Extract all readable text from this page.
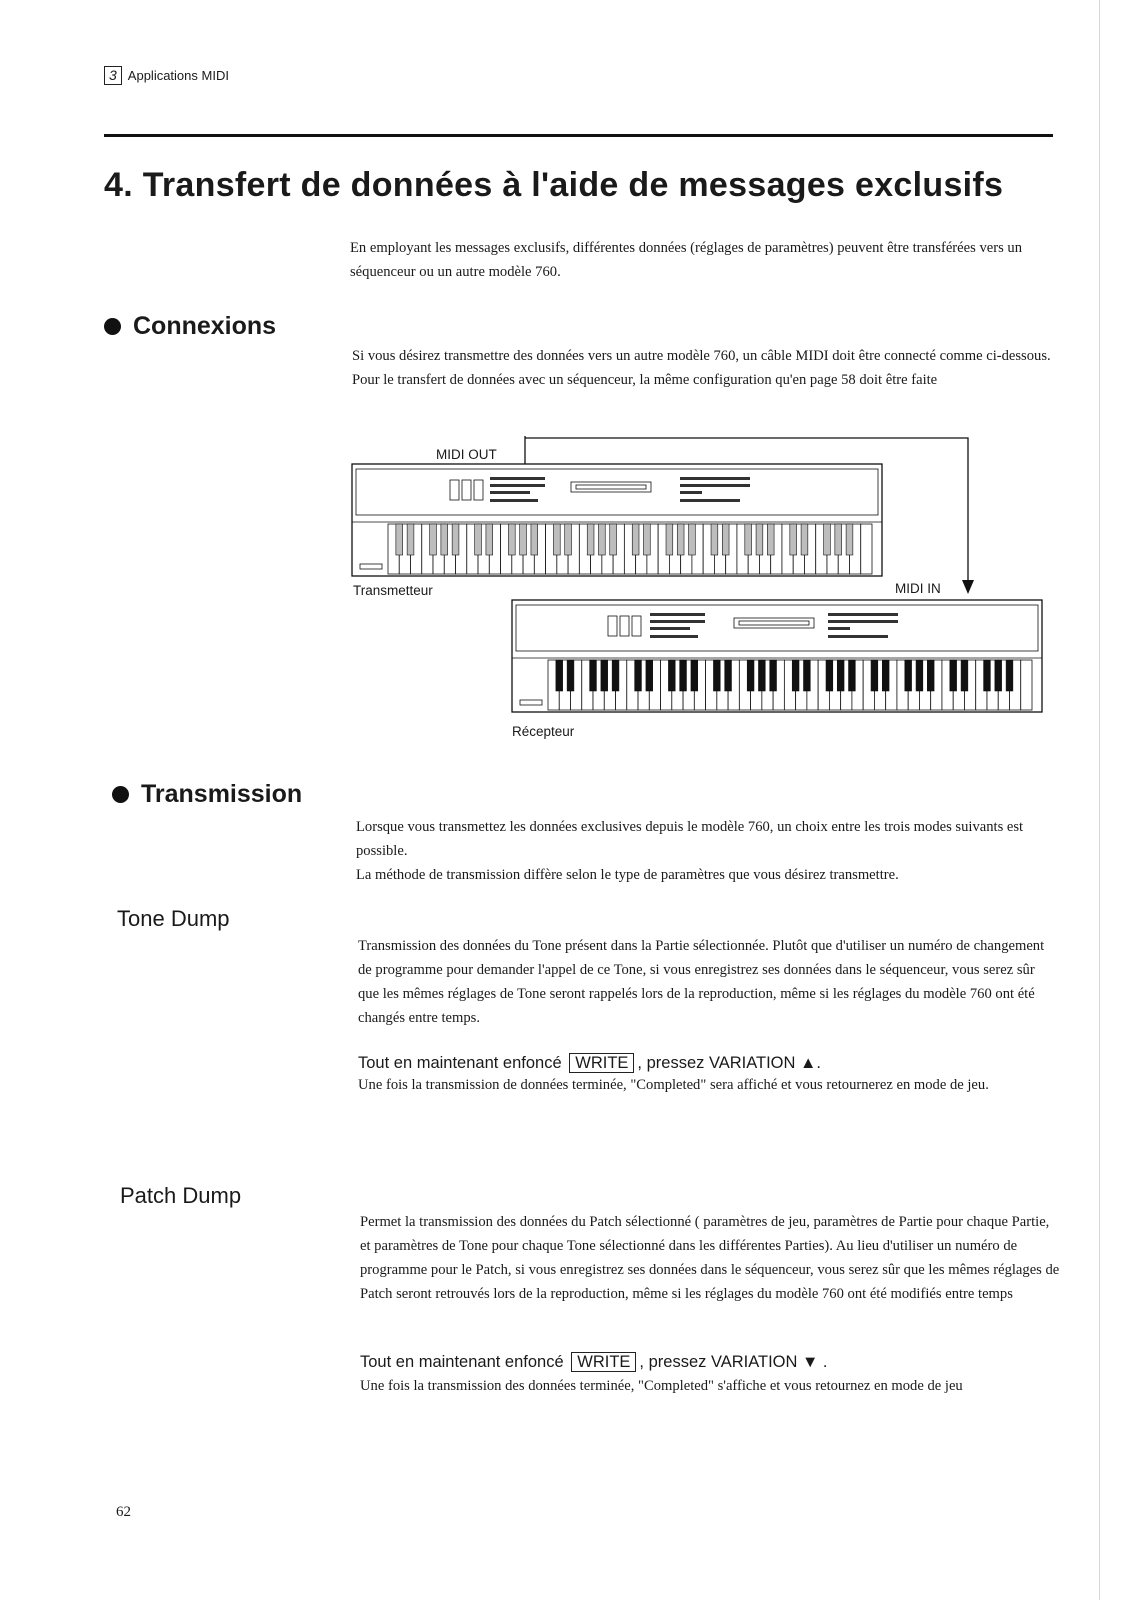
3 Applications MIDI
4. Transfert de données à l'aide de messages exclusifs
En employant les messages exclusifs, différentes données (réglages de paramètres) peuvent être transférées vers un séquenceur ou un autre modèle 760.
Connexions
Si vous désirez transmettre des données vers un autre modèle 760, un câble MIDI doit être connecté comme ci-dessous. Pour le transfert de données avec un séquenceur, la même configuration qu'en page 58 doit être faite
MIDI OUT
MIDI IN
Transmetteur
Récepteur
Transmission

Lorsque vous transmettez les données exclusives depuis le modèle 760, un choix entre les trois modes suivants est possible.

La méthode de transmission diffère selon le type de paramètres que vous désirez transmettre.

Tone Dump
Transmission des données du Tone présent dans la Partie sélectionnée. Plutôt que d'utiliser un numéro de changement de programme pour demander l'appel de ce Tone, si vous enregistrez ses données dans le séquenceur, vous serez sûr que les mêmes réglages de Tone seront rappelés lors de la reproduction, même si les réglages du modèle 760 ont été changés entre temps.
Tout en maintenant enfoncé WRITE , pressez VARIATION ▲.
Une fois la transmission de données terminée, "Completed" sera affiché et vous retournerez en mode de jeu.
Patch Dump
Permet la transmission des données du Patch sélectionné ( paramètres de jeu, paramètres de Partie pour chaque Partie, et paramètres de Tone pour chaque Tone sélectionné dans les différentes Parties). Au lieu d'utiliser un numéro de programme pour le Patch, si vous enregistrez ses données dans le séquenceur, vous serez sûr que les mêmes réglages de Patch seront retrouvés lors de la reproduction, même si les réglages du modèle 760 ont été modifiés entre temps
Tout en maintenant enfoncé WRITE , pressez VARIATION ▼ .
Une fois la transmission des données terminée, "Completed" s'affiche et vous retournez en mode de jeu
62
